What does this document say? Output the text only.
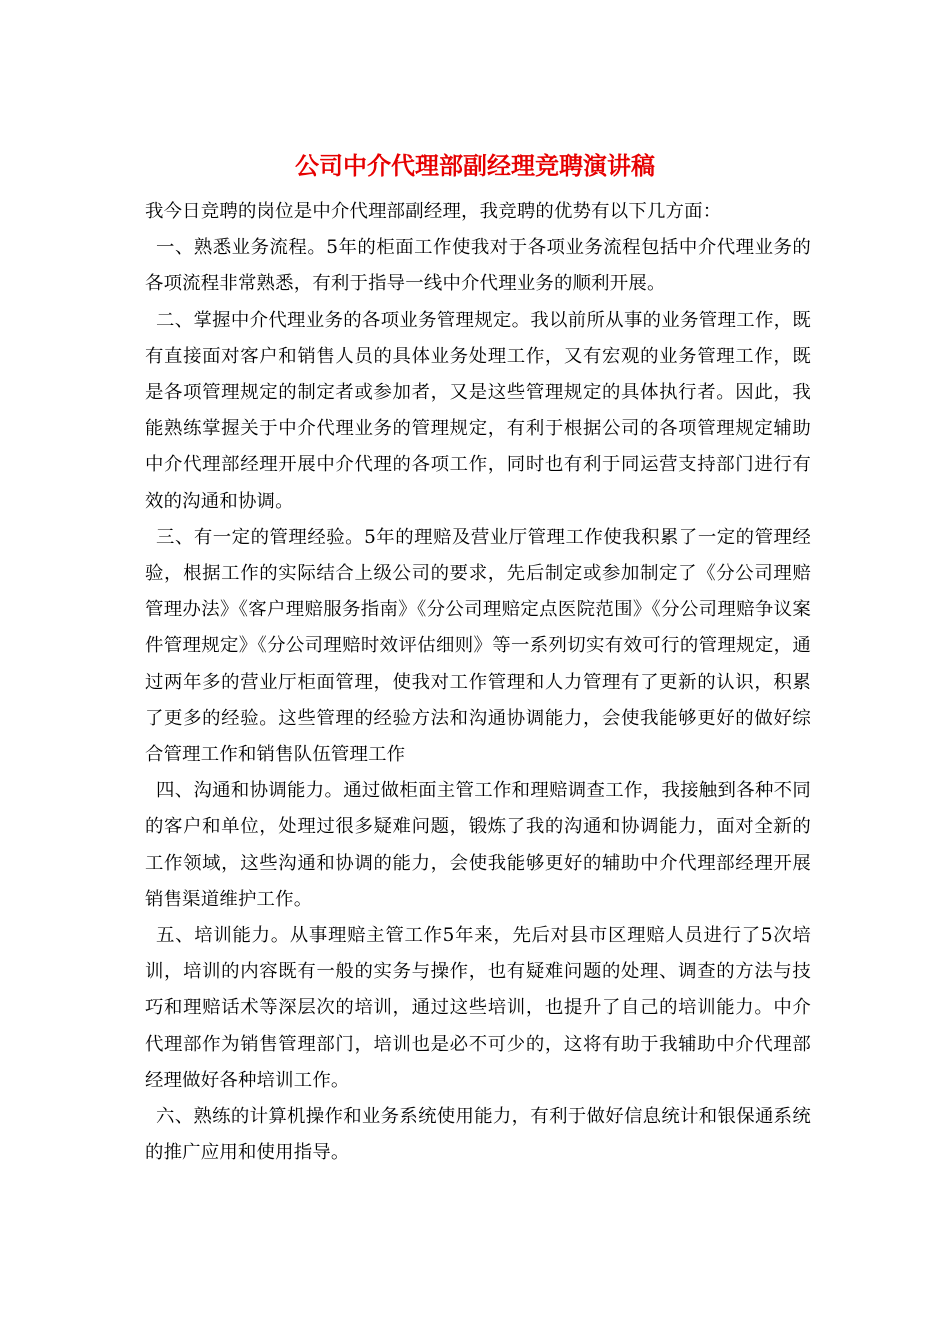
公司中介代理部副经理竞聘演讲稿

我今日竞聘的岗位是中介代理部副经理，我竞聘的优势有以下几方面：

一、熟悉业务流程。5年的柜面工作使我对于各项业务流程包括中介代理业务的各项流程非常熟悉，有利于指导一线中介代理业务的顺利开展。

二、掌握中介代理业务的各项业务管理规定。我以前所从事的业务管理工作，既有直接面对客户和销售人员的具体业务处理工作，又有宏观的业务管理工作，既是各项管理规定的制定者或参加者，又是这些管理规定的具体执行者。因此，我能熟练掌握关于中介代理业务的管理规定，有利于根据公司的各项管理规定辅助中介代理部经理开展中介代理的各项工作，同时也有利于同运营支持部门进行有效的沟通和协调。

三、有一定的管理经验。5年的理赔及营业厅管理工作使我积累了一定的管理经验，根据工作的实际结合上级公司的要求，先后制定或参加制定了《分公司理赔管理办法》《客户理赔服务指南》《分公司理赔定点医院范围》《分公司理赔争议案件管理规定》《分公司理赔时效评估细则》等一系列切实有效可行的管理规定，通过两年多的营业厅柜面管理，使我对工作管理和人力管理有了更新的认识，积累了更多的经验。这些管理的经验方法和沟通协调能力，会使我能够更好的做好综合管理工作和销售队伍管理工作

四、沟通和协调能力。通过做柜面主管工作和理赔调查工作，我接触到各种不同的客户和单位，处理过很多疑难问题，锻炼了我的沟通和协调能力，面对全新的工作领域，这些沟通和协调的能力，会使我能够更好的辅助中介代理部经理开展销售渠道维护工作。

五、培训能力。从事理赔主管工作5年来，先后对县市区理赔人员进行了5次培训，培训的内容既有一般的实务与操作，也有疑难问题的处理、调查的方法与技巧和理赔话术等深层次的培训，通过这些培训，也提升了自己的培训能力。中介代理部作为销售管理部门，培训也是必不可少的，这将有助于我辅助中介代理部经理做好各种培训工作。

六、熟练的计算机操作和业务系统使用能力，有利于做好信息统计和银保通系统的推广应用和使用指导。
